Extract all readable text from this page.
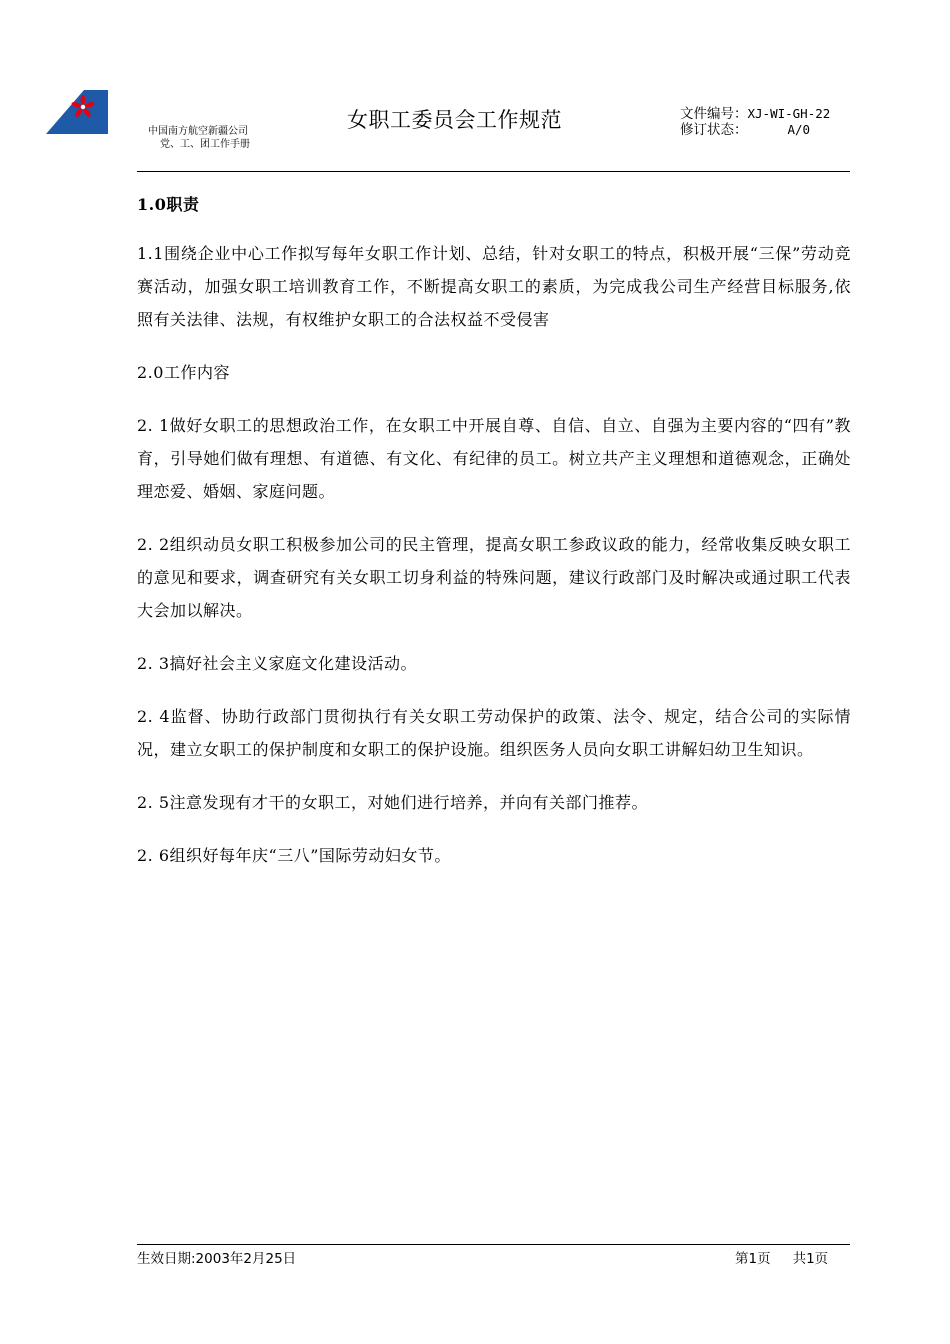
中国南方航空新疆公司
党、工、团工作手册
女职工委员会工作规范	文件编号：XJ-WI-GH-22
修订状态：	A/0
1.0职责

1.1围绕企业中心工作拟写每年女职工作计划、总结，针对女职工的特点，积极开展“三保”劳动竞赛活动，加强女职工培训教育工作，不断提高女职工的素质，为完成我公司生产经营目标服务,依照有关法律、法规，有权维护女职工的合法权益不受侵害

2.0工作内容

2. 1做好女职工的思想政治工作，在女职工中开展自尊、自信、自立、自强为主要内容的“四有”教育，引导她们做有理想、有道德、有文化、有纪律的员工。树立共产主义理想和道德观念，正确处理恋爱、婚姻、家庭问题。

2. 2组织动员女职工积极参加公司的民主管理，提高女职工参政议政的能力，经常收集反映女职工的意见和要求，调查研究有关女职工切身利益的特殊问题，建议行政部门及时解决或通过职工代表大会加以解决。

2. 3搞好社会主义家庭文化建设活动。

2. 4监督、协助行政部门贯彻执行有关女职工劳动保护的政策、法令、规定，结合公司的实际情况，建立女职工的保护制度和女职工的保护设施。组织医务人员向女职工讲解妇幼卫生知识。

2. 5注意发现有才干的女职工，对她们进行培养，并向有关部门推荐。

2. 6组织好每年庆“三八”国际劳动妇女节。

生效日期:2003年2月25日	第1页 共1页
